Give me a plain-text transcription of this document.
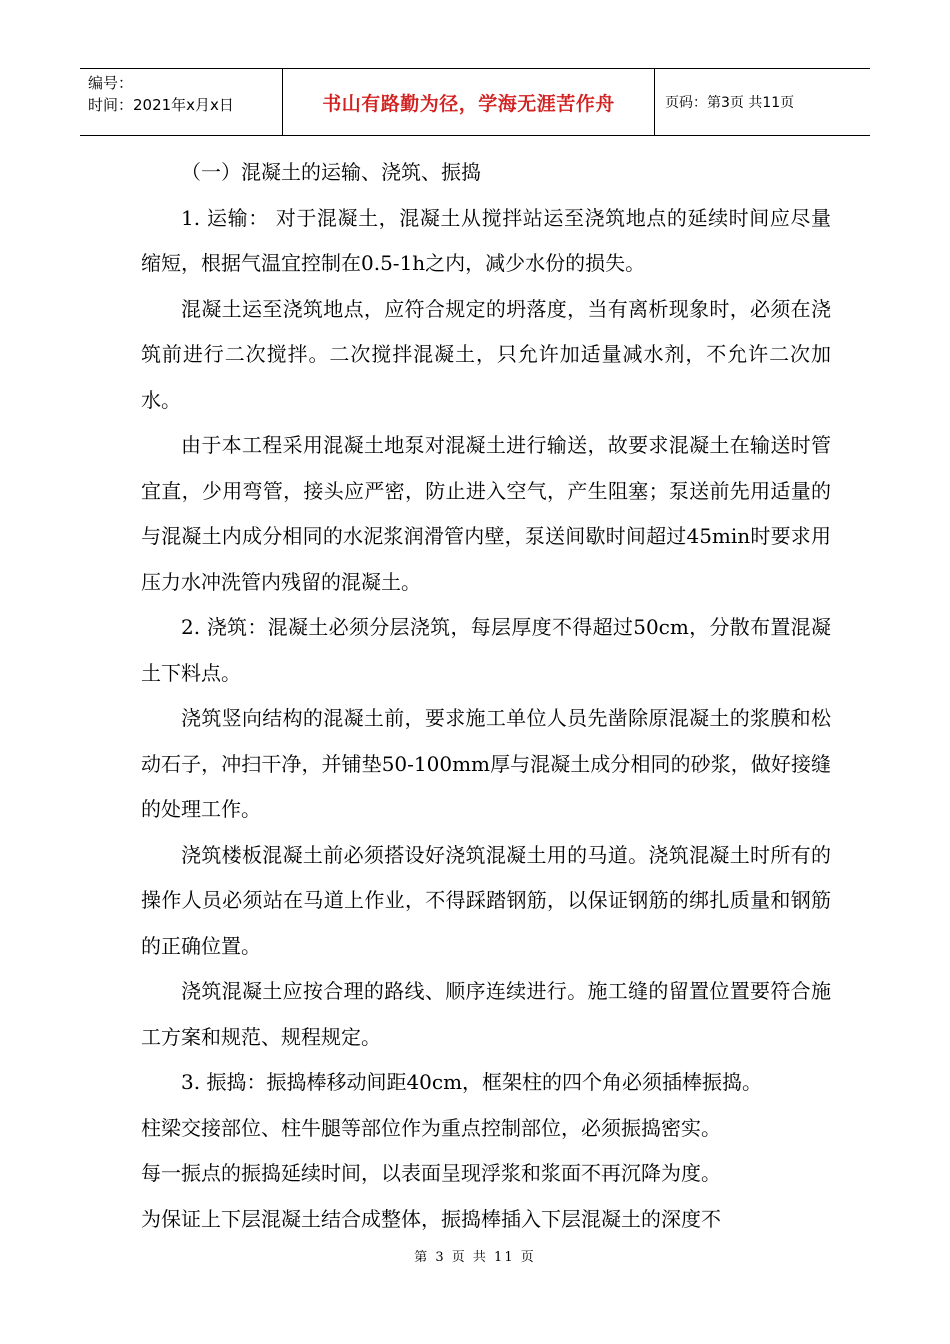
编号：
时间：2021年x月x日	书山有路勤为径，学海无涯苦作舟	页码：第3页 共11页

（一）混凝土的运输、浇筑、振捣

1. 运输： 对于混凝土，混凝土从搅拌站运至浇筑地点的延续时间应尽量缩短，根据气温宜控制在0.5-1h之内，减少水份的损失。

混凝土运至浇筑地点，应符合规定的坍落度，当有离析现象时，必须在浇筑前进行二次搅拌。二次搅拌混凝土，只允许加适量减水剂，不允许二次加水。

由于本工程采用混凝土地泵对混凝土进行输送，故要求混凝土在输送时管宜直，少用弯管，接头应严密，防止进入空气，产生阻塞；泵送前先用适量的与混凝土内成分相同的水泥浆润滑管内壁，泵送间歇时间超过45min时要求用压力水冲洗管内残留的混凝土。

2. 浇筑：混凝土必须分层浇筑，每层厚度不得超过50cm，分散布置混凝土下料点。

浇筑竖向结构的混凝土前，要求施工单位人员先凿除原混凝土的浆膜和松动石子，冲扫干净，并铺垫50-100mm厚与混凝土成分相同的砂浆，做好接缝的处理工作。

浇筑楼板混凝土前必须搭设好浇筑混凝土用的马道。浇筑混凝土时所有的操作人员必须站在马道上作业，不得踩踏钢筋，以保证钢筋的绑扎质量和钢筋的正确位置。

浇筑混凝土应按合理的路线、顺序连续进行。施工缝的留置位置要符合施工方案和规范、规程规定。

3. 振捣：振捣棒移动间距40cm，框架柱的四个角必须插棒振捣。

柱梁交接部位、柱牛腿等部位作为重点控制部位，必须振捣密实。

每一振点的振捣延续时间，以表面呈现浮浆和浆面不再沉降为度。

为保证上下层混凝土结合成整体，振捣棒插入下层混凝土的深度不

第 3 页 共 11 页
